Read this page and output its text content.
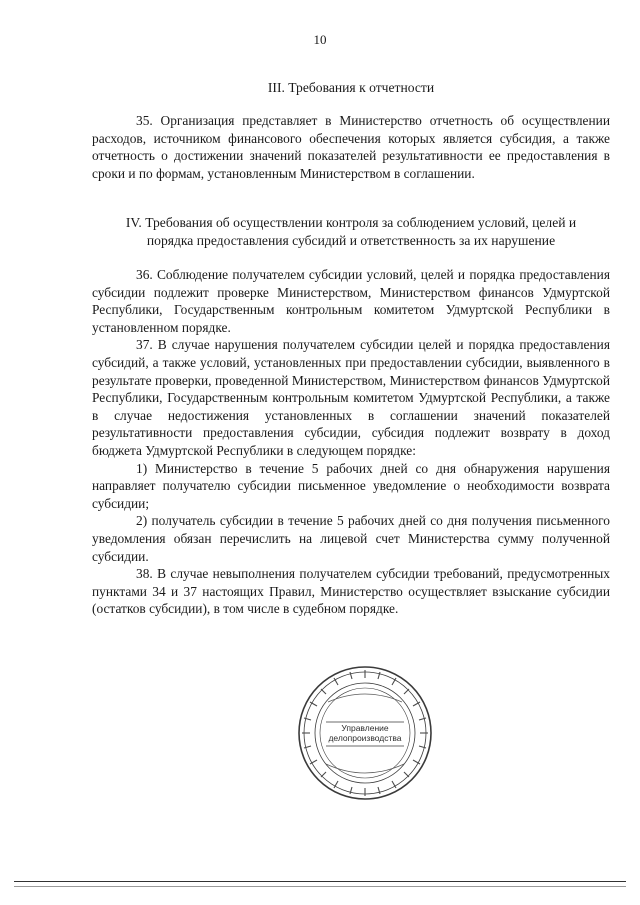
10
III. Требования к отчетности

35. Организация представляет в Министерство отчетность об осуществлении расходов, источником финансового обеспечения которых является субсидия, а также отчетность о достижении значений показателей результативности ее предоставления в сроки и по формам, установленным Министерством в соглашении.

IV. Требования об осуществлении контроля за соблюдением условий, целей и
порядка предоставления субсидий и ответственность за их нарушение

36. Соблюдение получателем субсидии условий, целей и порядка предоставления субсидии подлежит проверке Министерством, Министерством финансов Удмуртской Республики, Государственным контрольным комитетом Удмуртской Республики в установленном порядке.

37. В случае нарушения получателем субсидии целей и порядка предоставления субсидий, а также условий, установленных при предоставлении субсидии, выявленного в результате проверки, проведенной Министерством, Министерством финансов Удмуртской Республики, Государственным контрольным комитетом Удмуртской Республики, а также в случае недостижения установленных в соглашении значений показателей результативности предоставления субсидии, субсидия подлежит возврату в доход бюджета Удмуртской Республики в следующем порядке:

1) Министерство в течение 5 рабочих дней со дня обнаружения нарушения направляет получателю субсидии письменное уведомление о необходимости возврата субсидии;

2) получатель субсидии в течение 5 рабочих дней со дня получения письменного уведомления обязан перечислить на лицевой счет Министерства сумму полученной субсидии.

38. В случае невыполнения получателем субсидии требований, предусмотренных пунктами 34 и 37 настоящих Правил, Министерство осуществляет взыскание субсидии (остатков субсидии), в том числе в судебном порядке.

Управление
делопроизводства
